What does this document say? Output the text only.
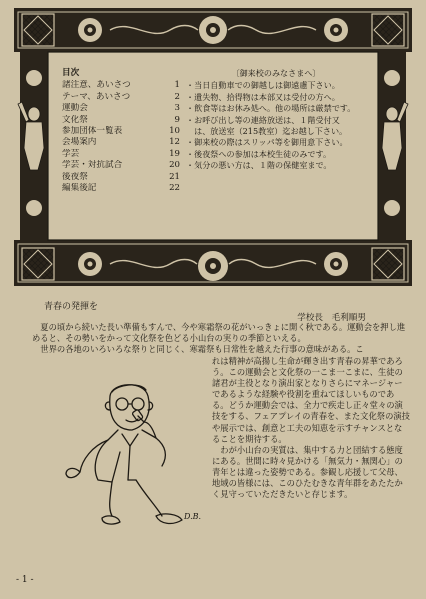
目次
諸注意、あいさつ	1
テーマ、あいさつ	2
運動会	3
文化祭	9
参加団体一覧表	10
会場案内	12
学芸	19
学芸・対抗試合	20
後夜祭	21
編集後記	22
〔御来校のみなさまへ〕
・当日自動車での御越しは御遠慮下さい。
・遺失物、拾得物は本部又は受付の方へ。
・飲食等はお休み処へ。他の場所は厳禁です。
・お呼び出し等の連絡放送は、１階受付又
　は、放送室（215教室）迄お越し下さい。
・御来校の際はスリッパ等を御用意下さい。
・後夜祭への参加は本校生徒のみです。
・気分の悪い方は、１階の保健室まで。
青春の発揮を
学校長　毛利順男

夏の頃から続いた長い準備もすんで、今や寒霜祭の花がいっきょに開く秋である。運動会を押し進めると、その勢いをかって文化祭を色どる小山台の実りの季節といえる。

世界の各地のいろいろな祭りと同じく、寒霜祭も日常性を越えた行事の意味がある。こ

れは精神が高揚し生命が輝き出す青春の昇華であろう。この運動会と文化祭の一こま一こまに、生徒の諸君が主役となり演出家となりさらにマネージャーであるような経験や役割を重ねてほしいものである。どうか運動会では、全力で疾走し正々堂々の演技をする、フェアプレイの青春を、また文化祭の演技や展示では、創意と工夫の知恵を示すチャンスとなることを期待する。

わが小山台の実質は、集中する力と団結する態度にある。世間に時々見かける「無気力・無関心」の青年とは違った姿勢である。参観し応援して父母、地域の皆様には、このひたむきな青年群をあたたかく見守っていただきたいと存じます。

D.B.
- 1 -
